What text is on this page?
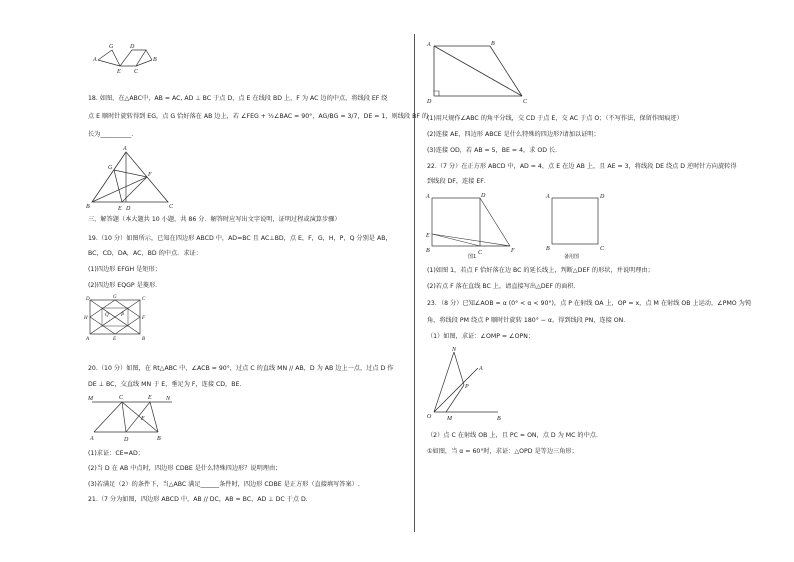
A
G
E
D
C
B
18. 如图，在△ABC中，AB = AC, AD ⊥ BC 于点 D，点 E 在线段 BD 上，F 为 AC 边的中点，将线段 EF 绕
点 E 顺时针旋转得到 EG，点 G 恰好落在 AB 边上，若 ∠FEG + ½∠BAC = 90°，AG/BG = 3/7，DE = 1，则线段 BF 的
长为__________.
A
G
F
B	E D	C
三、解答题（本大题共 10 小题，共 86 分．解答时应写出文字说明，证明过程或演算步骤）
19.（10 分）如图所示，已知在四边形 ABCD 中，AD=BC 且 AC⊥BD，点 E，F，G，H，P，Q 分别是 AB，
BC，CD，DA，AC，BD 的中点．求证：
(1)四边形 EFGH 是矩形；
(2)四边形 EQGP 是菱形．
D	G	C
H	F
A	E	B
Q P
20.（10 分）如图，在 Rt△ABC 中，∠ACB = 90°，过点 C 的直线 MN // AB，D 为 AB 边上一点，过点 D 作
DE ⊥ BC，交直线 MN 于 E，垂足为 F，连接 CD，BE．
M	C	E N
A	D	B
F
(1)求证：CE=AD；
(2)当 D 在 AB 中点时，四边形 CDBE 是什么特殊四边形？说明理由；
(3)若满足（2）的条件下，当△ABC 满足______条件时，四边形 CDBE 是正方形（直接填写答案）.
21.（7 分为如图，四边形 ABCD 中，AB // DC，AB = BC，AD ⊥ DC 于点 D．
A	B
D	C
(1)用尺规作∠ABC 的角平分线，交 CD 于点 E，交 AC 于点 O；（不写作法，保留作图痕迹）
(2)连接 AE，四边形 ABCE 是什么特殊的四边形?请加以证明；
(3)连接 OD，若 AB = 5，BE = 4，求 OD 长．
22.（7 分）在正方形 ABCD 中，AD = 4，点 E 在边 AB 上，且 AE = 3，将线段 DE 绕点 D 逆时针方向旋转得
到线段 DF，连接 EF．
A
E
B	C
D
F
图1
A	D
B	C
备用图
(1)如图 1，若点 F 恰好落在边 BC 的延长线上，判断△DEF 的形状，并说明理由；
(2)若点 F 落在直线 BC 上，请直接写出△DEF 的面积．
23．（8 分）已知∠AOB = α (0° < α < 90°)，点 P 在射线 OA 上，OP = x，点 M 在射线 OB 上运动，∠PMO 为钝
角，将线段 PM 绕点 P 顺时针旋转 180° − α，得到线段 PN，连接 ON．
（1）如图，求证：∠OMP = ∠OPN；
O	M	B
A
N
P
（2）点 C 在射线 OB 上，且 PC = ON，点 D 为 MC 的中点．
①如图，当 α = 60°时，求证：△OPD 是等边三角形；
